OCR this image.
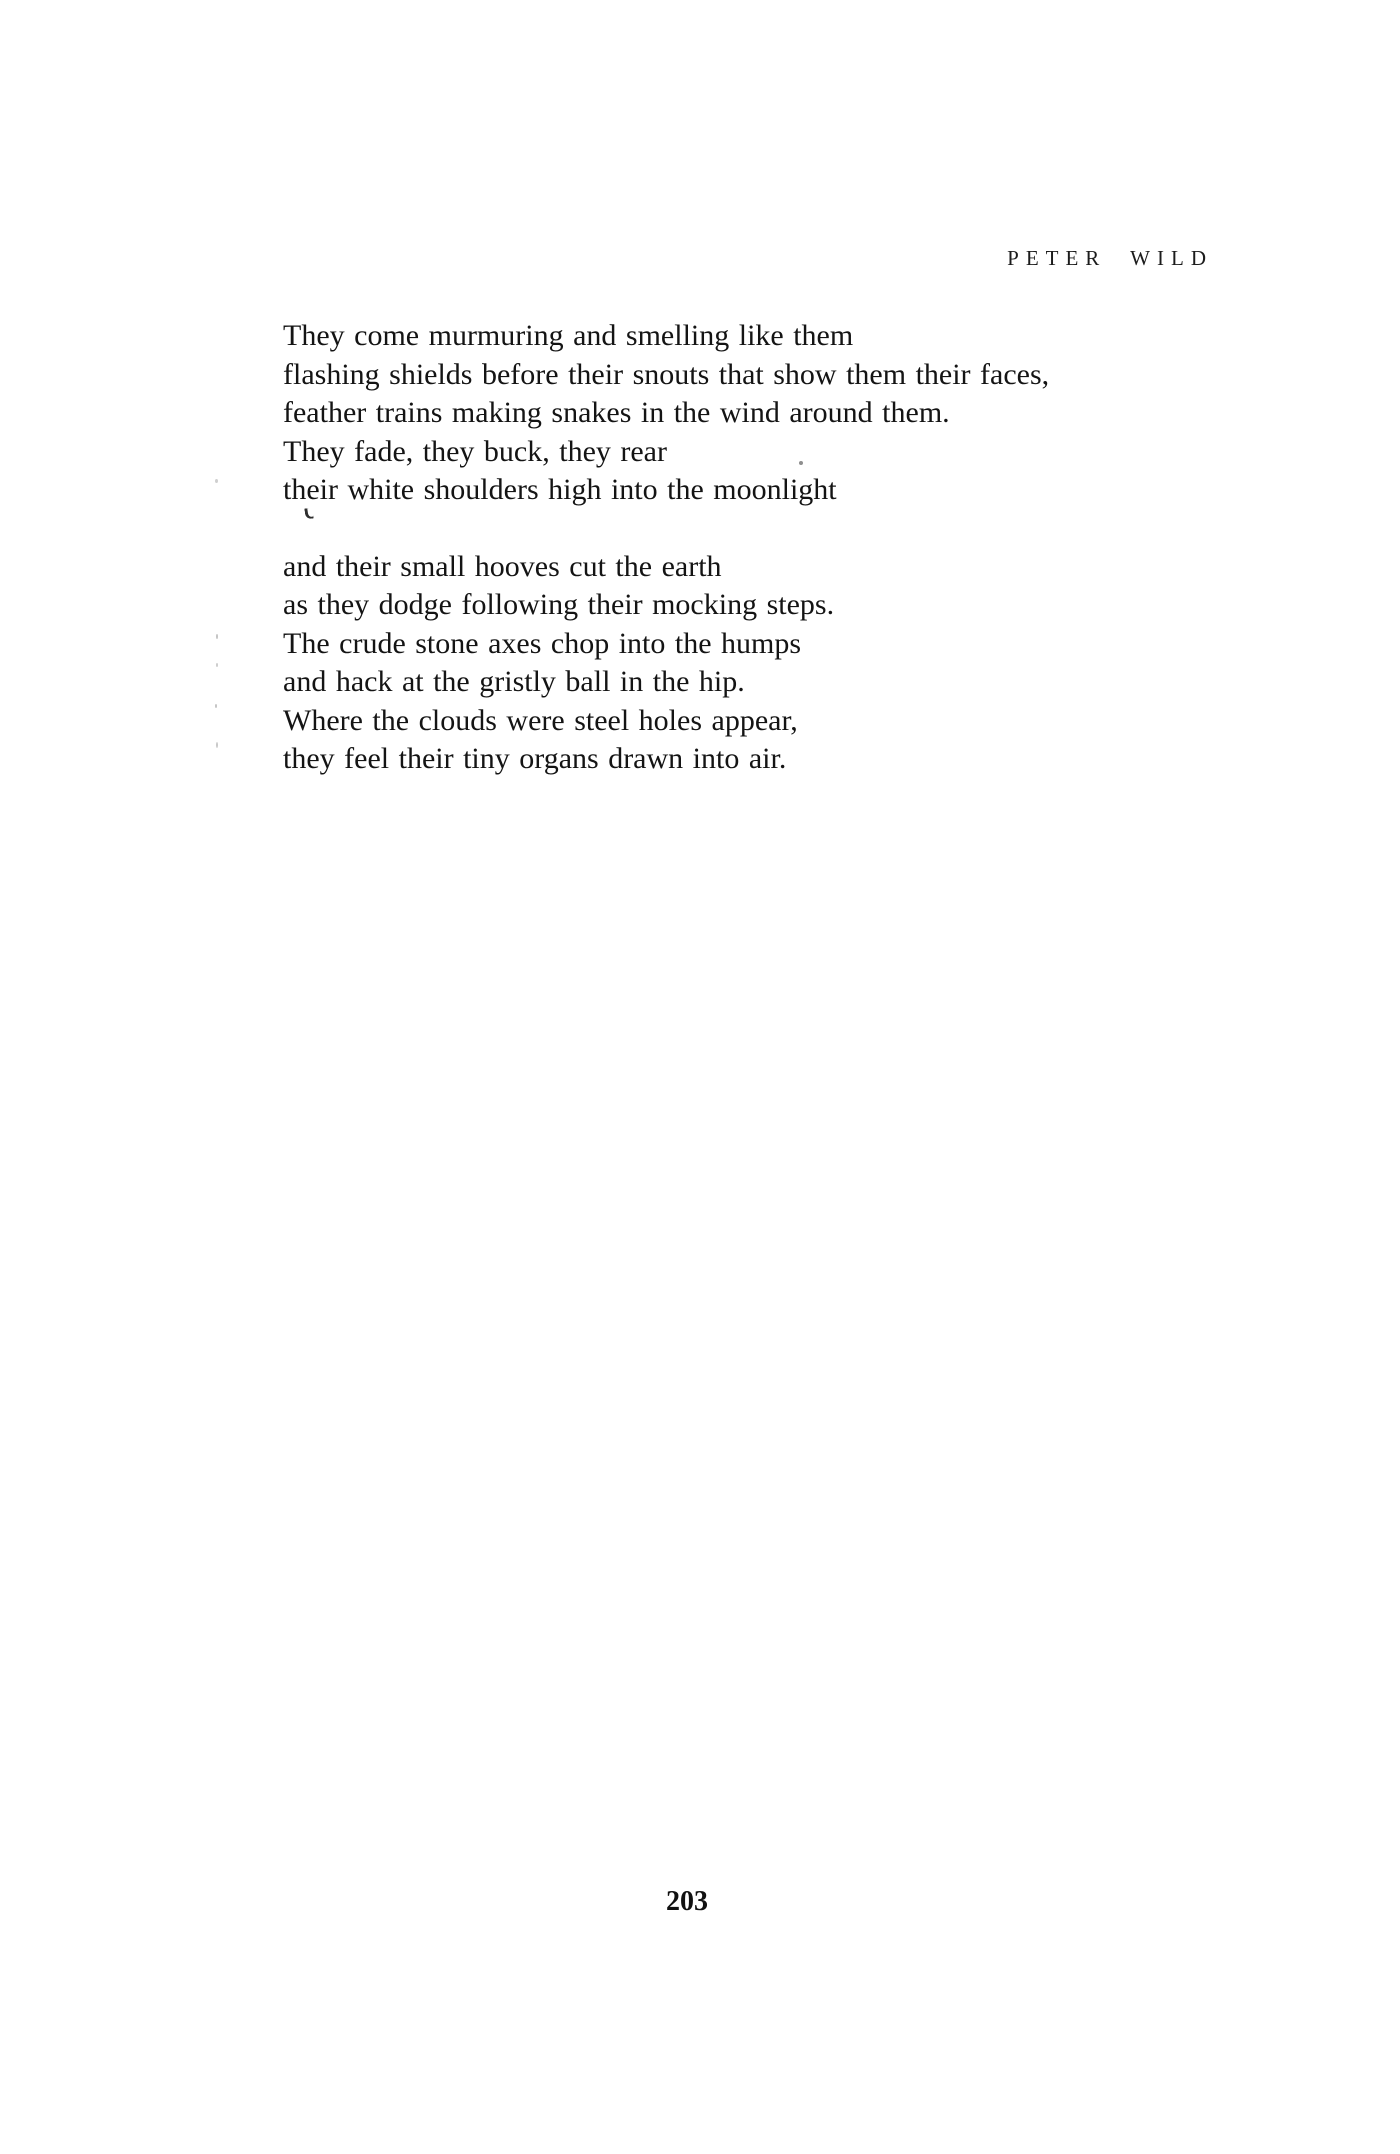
PETER WILD
They come murmuring and smelling like them
flashing shields before their snouts that show them their faces,
feather trains making snakes in the wind around them.
They fade, they buck, they rear
their white shoulders high into the moonlight
and their small hooves cut the earth
as they dodge following their mocking steps.
The crude stone axes chop into the humps
and hack at the gristly ball in the hip.
Where the clouds were steel holes appear,
they feel their tiny organs drawn into air.
203
